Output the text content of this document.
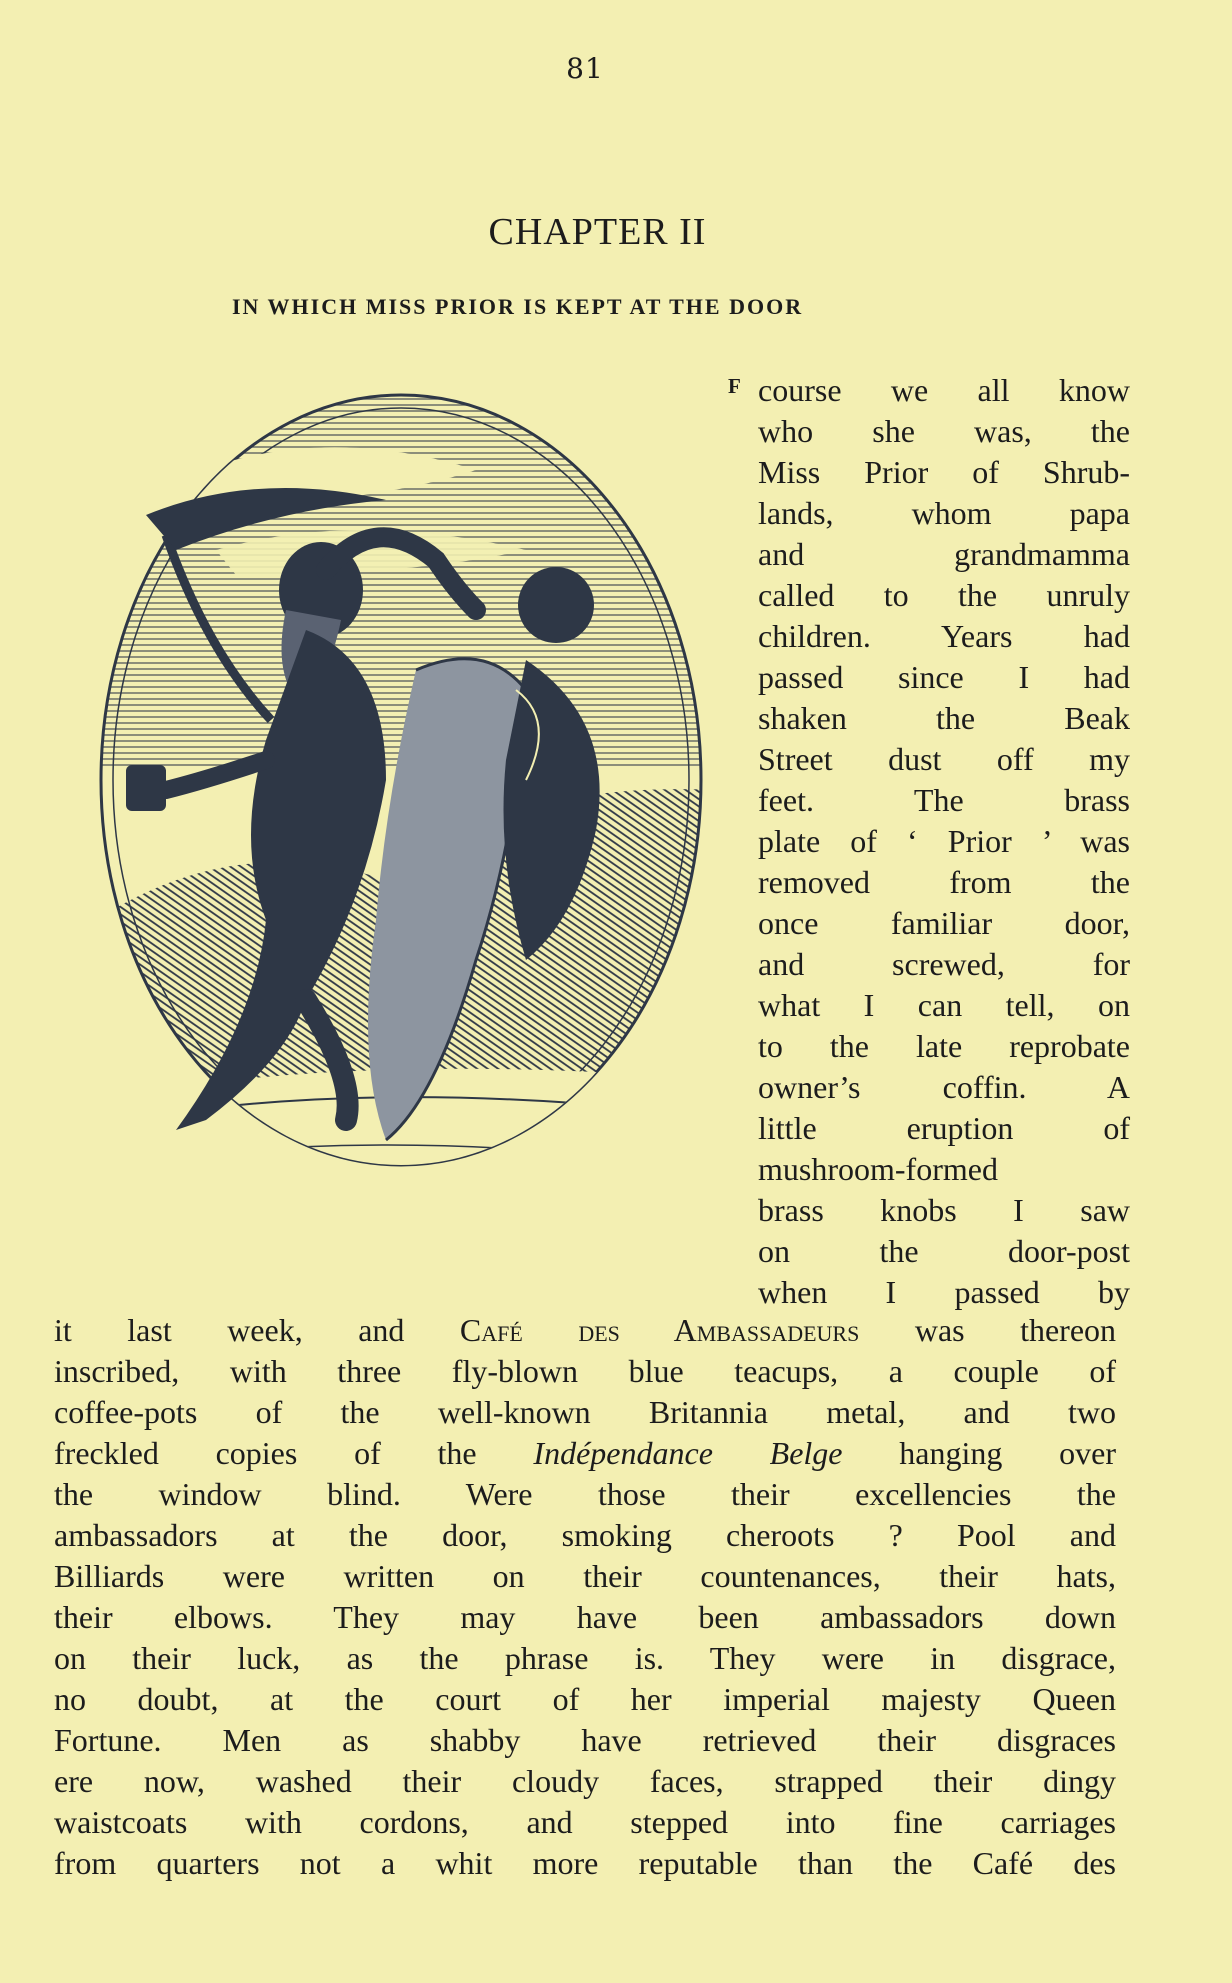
81
CHAPTER II
IN WHICH MISS PRIOR IS KEPT AT THE DOOR
F course we all know
who she was, the
Miss Prior of Shrub-
lands, whom papa
and grandmamma
called to the unruly
children. Years had
passed since I had
shaken the Beak
Street dust off my
feet. The brass
plate of ‘ Prior ’ was
removed from the
once familiar door,
and screwed, for
what I can tell, on
to the late reprobate
owner’s coffin. A
little eruption of
mushroom-formed
brass knobs I saw
on the door-post
when I passed by
it last week, and Café des Ambassadeurs was thereon
inscribed, with three fly-blown blue teacups, a couple of
coffee-pots of the well-known Britannia metal, and two
freckled copies of the Indépendance Belge hanging over
the window blind. Were those their excellencies the
ambassadors at the door, smoking cheroots ? Pool and
Billiards were written on their countenances, their hats,
their elbows. They may have been ambassadors down
on their luck, as the phrase is. They were in disgrace,
no doubt, at the court of her imperial majesty Queen
Fortune. Men as shabby have retrieved their disgraces
ere now, washed their cloudy faces, strapped their dingy
waistcoats with cordons, and stepped into fine carriages
from quarters not a whit more reputable than the Café des
